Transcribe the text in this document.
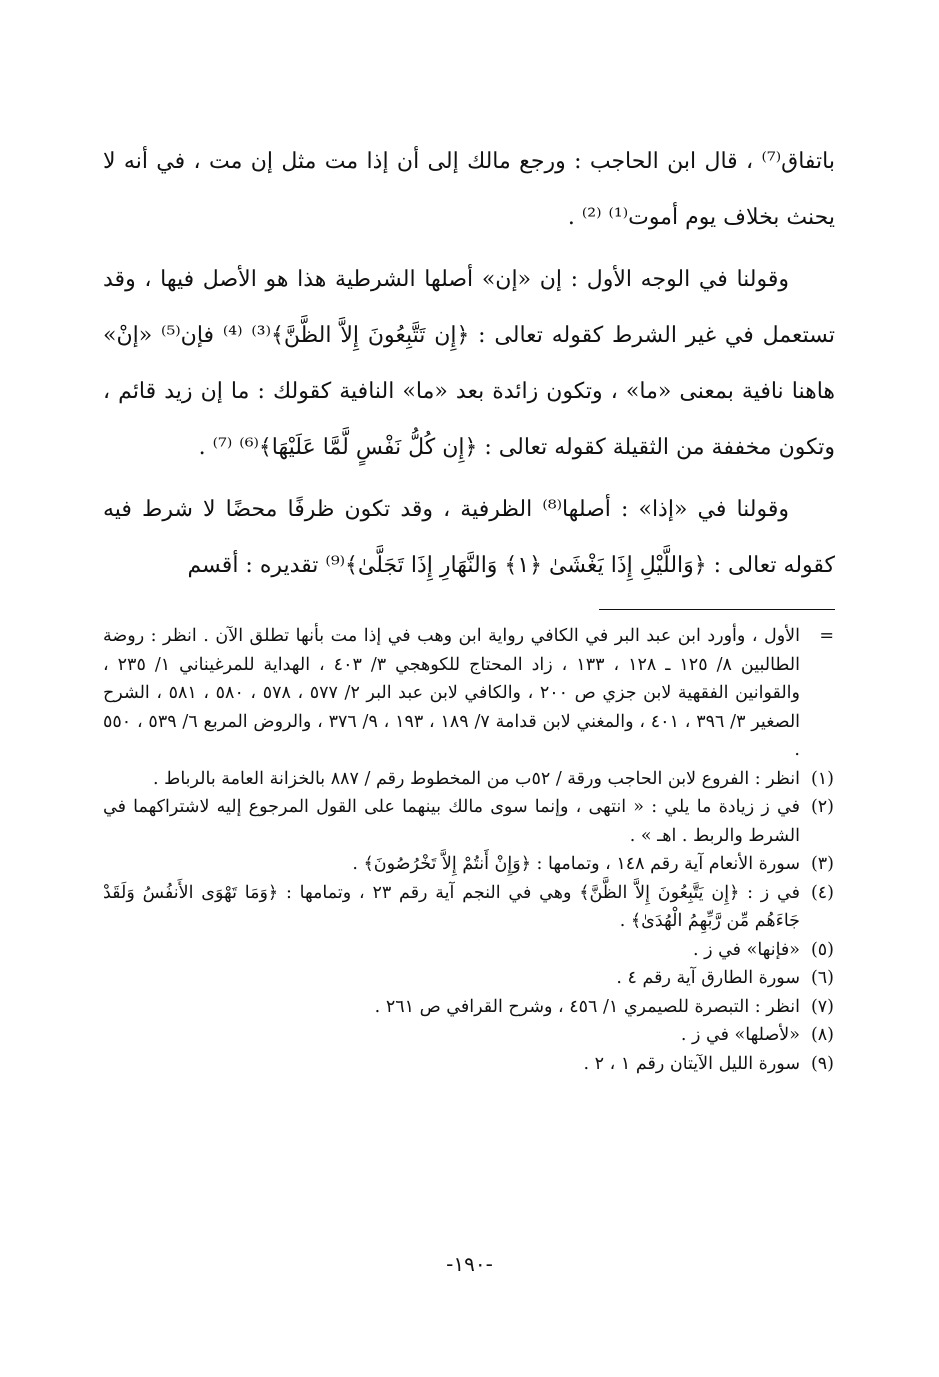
باتفاق⁽⁷⁾ ، قال ابن الحاجب : ورجع مالك إلى أن إذا مت مثل إن مت ، في أنه لا يحنث بخلاف يوم أموت⁽¹⁾ ⁽²⁾ .

وقولنا في الوجه الأول : إن «إن» أصلها الشرطية هذا هو الأصل فيها ، وقد تستعمل في غير الشرط كقوله تعالى : ﴿إِن تَتَّبِعُونَ إِلاَّ الظَّنَّ﴾⁽³⁾ ⁽⁴⁾ فإن⁽⁵⁾ «إنْ» هاهنا نافية بمعنى «ما» ، وتكون زائدة بعد «ما» النافية كقولك : ما إن زيد قائم ، وتكون مخففة من الثقيلة كقوله تعالى : ﴿إِن كُلُّ نَفْسٍ لَّمَّا عَلَيْهَا﴾⁽⁶⁾ ⁽⁷⁾ .

وقولنا في «إذا» : أصلها⁽⁸⁾ الظرفية ، وقد تكون ظرفًا محضًا لا شرط فيه كقوله تعالى : ﴿وَاللَّيْلِ إِذَا يَغْشَىٰ ﴿١﴾ وَالنَّهَارِ إِذَا تَجَلَّىٰ﴾⁽⁹⁾ تقديره : أقسم

=
الأول ، وأورد ابن عبد البر في الكافي رواية ابن وهب في إذا مت بأنها تطلق الآن . انظر : روضة الطالبين ٨/ ١٢٥ ـ ١٢٨ ، ١٣٣ ، زاد المحتاج للكوهجي ٣/ ٤٠٣ ، الهداية للمرغيناني ١/ ٢٣٥ ، والقوانين الفقهية لابن جزي ص ٢٠٠ ، والكافي لابن عبد البر ٢/ ٥٧٧ ، ٥٧٨ ، ٥٨٠ ، ٥٨١ ، الشرح الصغير ٣/ ٣٩٦ ، ٤٠١ ، والمغني لابن قدامة ٧/ ١٨٩ ، ١٩٣ ، ٩/ ٣٧٦ ، والروض المربع ٦/ ٥٣٩ ، ٥٥٠ .
(١)
انظر : الفروع لابن الحاجب ورقة / ٥٢ب من المخطوط رقم / ٨٨٧ بالخزانة العامة بالرباط .
(٢)
في ز زيادة ما يلي : « انتهى ، وإنما سوى مالك بينهما على القول المرجوع إليه لاشتراكهما في الشرط والربط . اهـ » .
(٣)
سورة الأنعام آية رقم ١٤٨ ، وتمامها : ﴿وَإِنْ أَنتُمْ إِلاَّ تَخْرُصُونَ﴾ .
(٤)
في ز : ﴿إِن يَتَّبِعُونَ إِلاَّ الظَّنَّ﴾ وهي في النجم آية رقم ٢٣ ، وتمامها : ﴿وَمَا تَهْوَى الأَنفُسُ وَلَقَدْ جَاءَهُم مِّن رَّبِّهِمُ الْهُدَىٰ﴾ .
(٥)
«فإنها» في ز .
(٦)
سورة الطارق آية رقم ٤ .
(٧)
انظر : التبصرة للصيمري ١/ ٤٥٦ ، وشرح القرافي ص ٢٦١ .
(٨)
«لأصلها» في ز .
(٩)
سورة الليل الآيتان رقم ١ ، ٢ .
-١٩٠-
